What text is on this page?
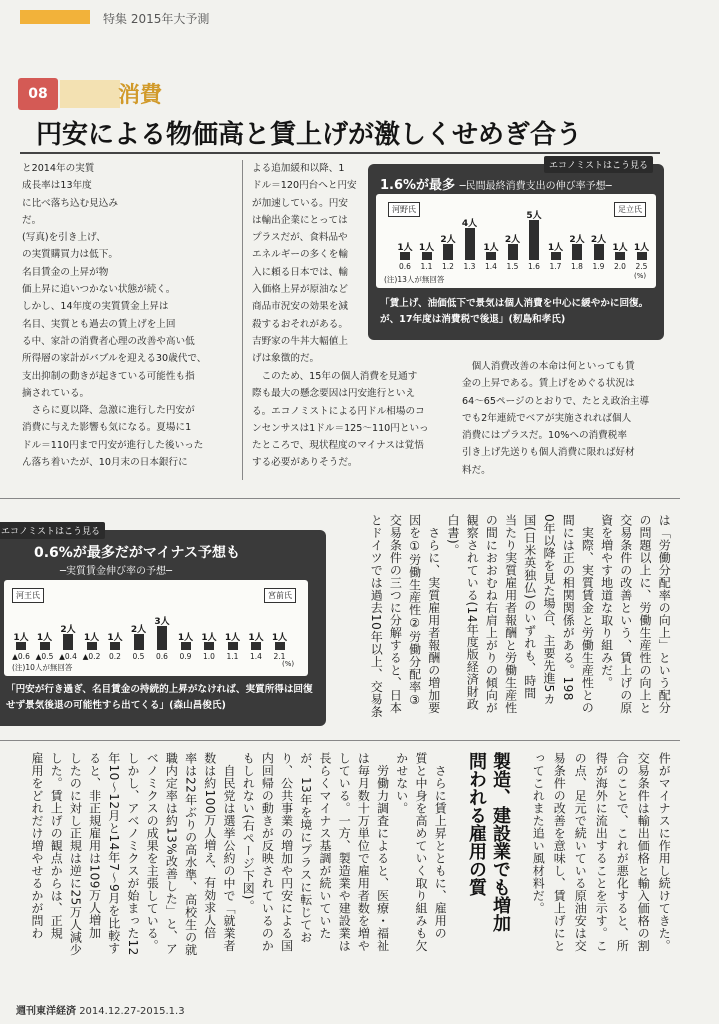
特集 2015年大予測
08	消費
円安による物価高と賃上げが激しくせめぎ合う

と2014年の実質

成長率は13年度

に比べ落ち込む見込み

だ。

(写真)を引き上げ、

の実質購買力は低下。

名目賃金の上昇が物

価上昇に追いつかない状態が続く。

しかし、14年度の実質賃金上昇は

名目、実質とも過去の賃上げを上回

る中、家計の消費者心理の改善や高い低

所得層の家計がバブルを迎える30歳代で、

支出抑制の動きが起きている可能性も指

摘されている。

　さらに夏以降、急激に進行した円安が

消費に与えた影響も気になる。夏場に1

ドル＝110円まで円安が進行した後いった

ん落ち着いたが、10月末の日本銀行に

よる追加緩和以降、1

ドル＝120円台へと円安

が加速している。円安

は輸出企業にとっては

プラスだが、食料品や

エネルギーの多くを輸

入に頼る日本では、輸

入価格上昇が原油など

商品市況安の効果を減

殺するおそれがある。

吉野家の牛丼大幅値上

げは象徴的だ。

　個人消費改善の本命は何といっても賃

金の上昇である。賃上げをめぐる状況は

64～65ページのとおりで、たとえ政治主導

でも2年連続でベアが実施されれば個人

消費にはプラスだ。10%への消費税率

引き上げ先送りも個人消費に限れば好材

料だ。

　このため、15年の個人消費を見通す

際も最大の懸念要因は円安進行といえ

る。エコノミストによる円ドル相場のコ

ンセンサスは1ドル＝125～110円といっ

たところで、現状程度のマイナスは覚悟

する必要がありそうだ。

エコノミストはこう見る
1.6%が最多 ─民間最終消費支出の伸び率予想─
河野氏	足立氏
(注)13人が無回答	(%)
1人
0.6
1人
1.1
2人
1.2
4人
1.3
1人
1.4
2人
1.5
5人
1.6
1人
1.7
2人
1.8
2人
1.9
1人
2.0
1人
2.5
「賃上げ、油価低下で景気は個人消費を中心に緩やかに回復。が、17年度は消費税で後退」(籾島和孝氏)
エコノミストはこう見る
0.6%が最多だがマイナス予想も
─実質賃金伸び率の予想─
河王氏	宮前氏
(注)10人が無回答	(%)
1人
▲0.6
1人
▲0.5
2人
▲0.4
1人
▲0.2
1人
0.2
2人
0.5
3人
0.6
1人
0.9
1人
1.0
1人
1.1
1人
1.4
1人
2.1
「円安が行き過ぎ、名目賃金の持続的上昇がなければ、実質所得は回復せず景気後退の可能性すら出てくる」(森山昌俊氏)	は「労働分配率の向上」という配分
の問題以上に、労働生産性の向上と
交易条件の改善という、賃上げの原
資を増やす地道な取り組みだ。
　実際、実質賃金と労働生産性との
間には正の相関関係がある。198
0年以降を見た場合、主要先進5カ
国(日米英独仏)のいずれも、時間
当たり実質雇用者報酬と労働生産性
の間におおむね右肩上がりの傾向が
観察されている(14年度版経済財政
白書)。
　さらに、実質雇用者報酬の増加要
因を①労働生産性②労働分配率③
交易条件の三つに分解すると、日本
とドイツでは過去10年以上、交易条
件がマイナスに作用し続けてきた。
交易条件は輸出価格と輸入価格の割
合のことで、これが悪化すると、所
得が海外に流出することを示す。こ
の点、足元で続いている原油安は交
易条件の改善を意味し、賃上げにと
ってこれまた追い風材料だ。
製造、建設業でも増加
問われる雇用の質
　さらに賃上昇とともに、雇用の
質と中身を高めていく取り組みも欠
かせない。
　労働力調査によると、医療・福祉
は毎月数十万単位で雇用者数を増や
している。一方、製造業や建設業は
長らくマイナス基調が続いていた
が、13年を境にプラスに転じてお
り、公共事業の増加や円安による国
内回帰の動きが反映されているのか
もしれない(右ページ下図)。
　自民党は選挙公約の中で「就業者
数は約100万人増え、有効求人倍
率は22年ぶりの高水準、高校生の就
職内定率は約13%改善した」と、ア
ベノミクスの成果を主張している。
しかし、アベノミクスが始まった12
年10～12月と14年7～9月を比較す
ると、非正規雇用は109万人増加
したのに対し正規は逆に25万人減少
した。賃上げの観点からは、正規
雇用をどれだけ増やせるかが問わ
週刊東洋経済 2014.12.27-2015.1.3
